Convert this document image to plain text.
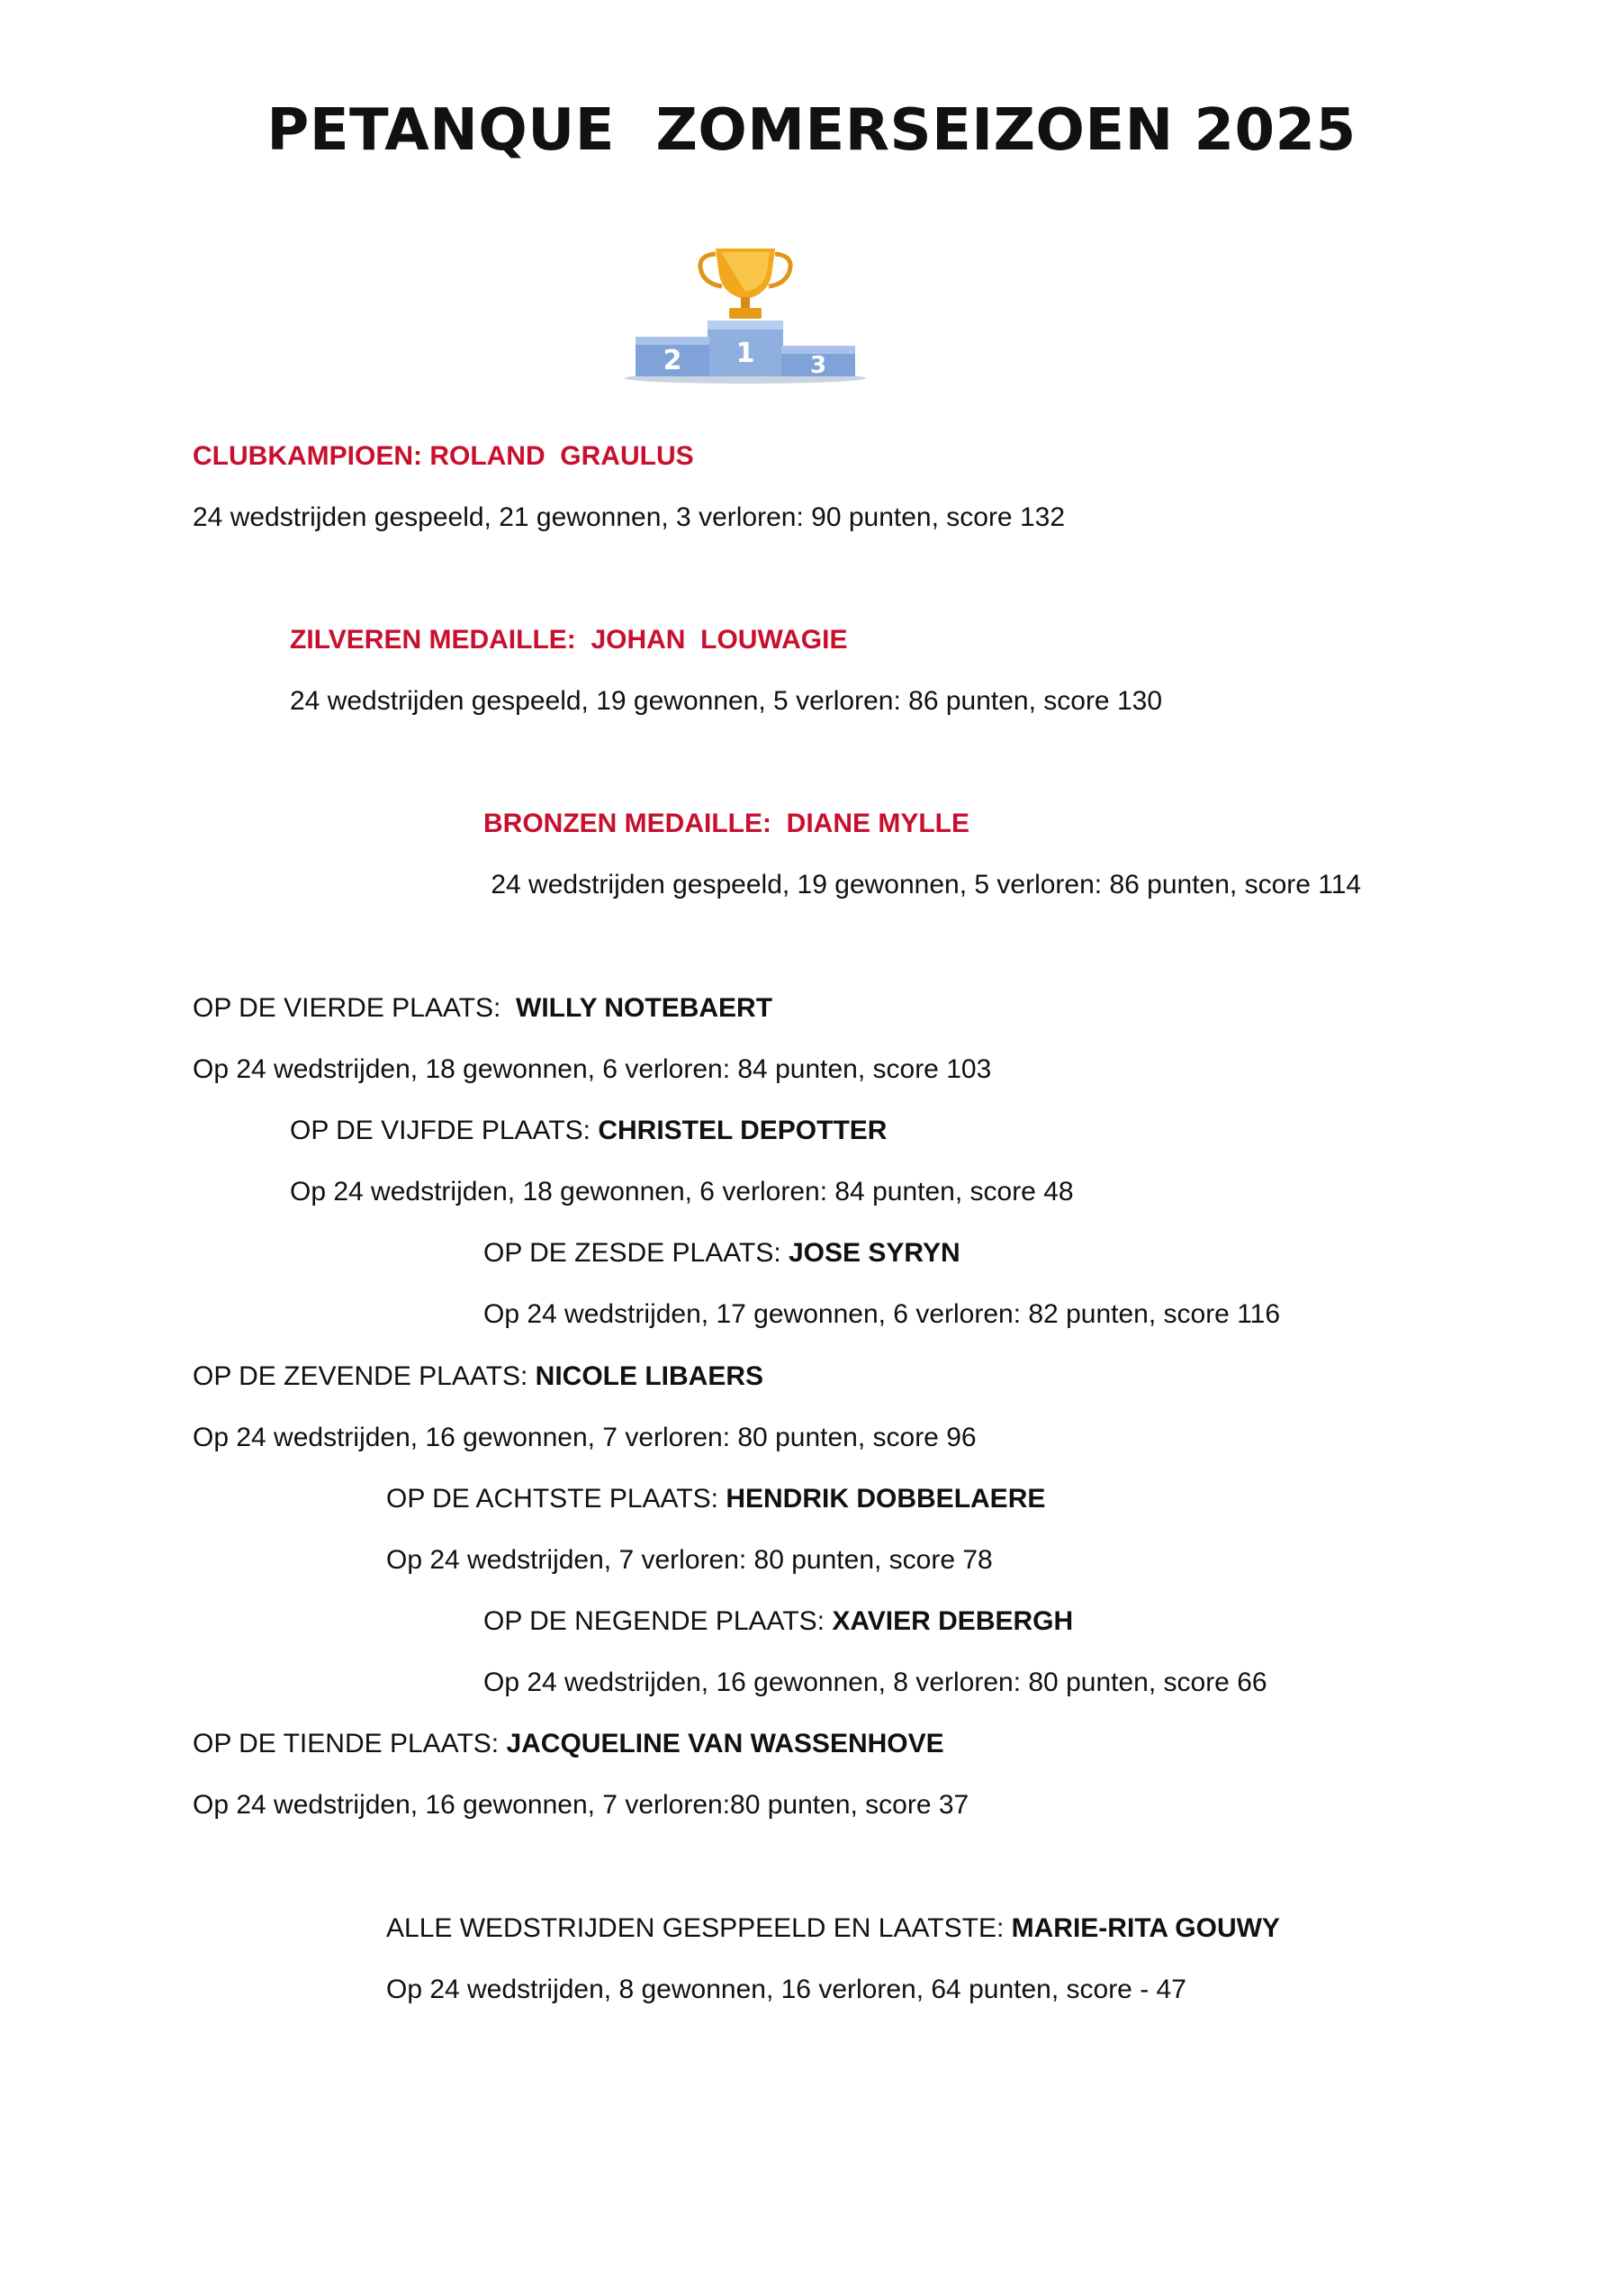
PETANQUE  ZOMERSEIZOEN 2025
1
2	3
CLUBKAMPIOEN: ROLAND  GRAULUS
24 wedstrijden gespeeld, 21 gewonnen, 3 verloren: 90 punten, score 132
ZILVEREN MEDAILLE:  JOHAN  LOUWAGIE
24 wedstrijden gespeeld, 19 gewonnen, 5 verloren: 86 punten, score 130
BRONZEN MEDAILLE:  DIANE MYLLE
24 wedstrijden gespeeld, 19 gewonnen, 5 verloren: 86 punten, score 114
OP DE VIERDE PLAATS:  WILLY NOTEBAERT
Op 24 wedstrijden, 18 gewonnen, 6 verloren: 84 punten, score 103
OP DE VIJFDE PLAATS: CHRISTEL DEPOTTER
Op 24 wedstrijden, 18 gewonnen, 6 verloren: 84 punten, score 48
OP DE ZESDE PLAATS: JOSE SYRYN
Op 24 wedstrijden, 17 gewonnen, 6 verloren: 82 punten, score 116
OP DE ZEVENDE PLAATS: NICOLE LIBAERS
Op 24 wedstrijden, 16 gewonnen, 7 verloren: 80 punten, score 96
OP DE ACHTSTE PLAATS: HENDRIK DOBBELAERE
Op 24 wedstrijden, 7 verloren: 80 punten, score 78
OP DE NEGENDE PLAATS: XAVIER DEBERGH
Op 24 wedstrijden, 16 gewonnen, 8 verloren: 80 punten, score 66
OP DE TIENDE PLAATS: JACQUELINE VAN WASSENHOVE
Op 24 wedstrijden, 16 gewonnen, 7 verloren:80 punten, score 37
ALLE WEDSTRIJDEN GESPPEELD EN LAATSTE: MARIE-RITA GOUWY
Op 24 wedstrijden, 8 gewonnen, 16 verloren, 64 punten, score - 47
